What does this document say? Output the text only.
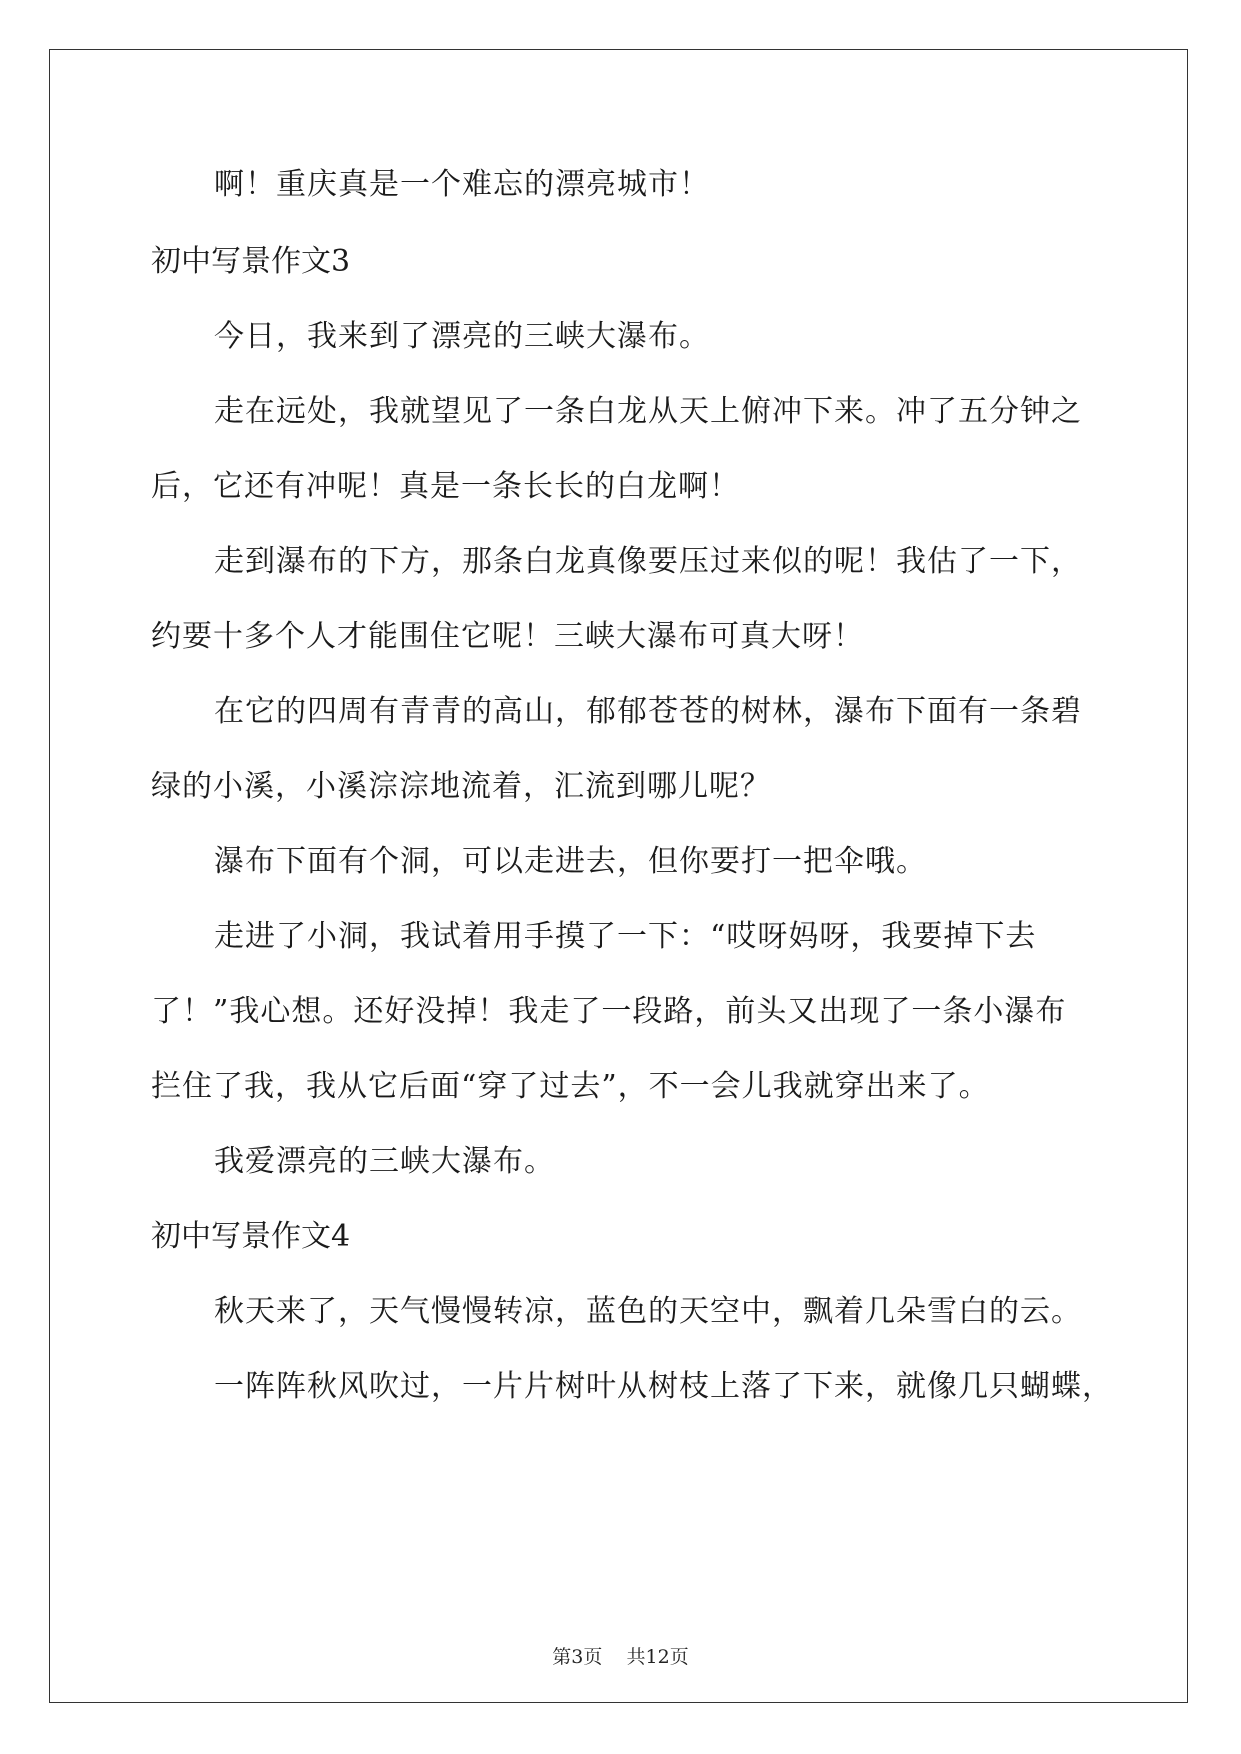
啊！重庆真是一个难忘的漂亮城市！
初中写景作文3
今日，我来到了漂亮的三峡大瀑布。
走在远处，我就望见了一条白龙从天上俯冲下来。冲了五分钟之
后，它还有冲呢！真是一条长长的白龙啊！
走到瀑布的下方，那条白龙真像要压过来似的呢！我估了一下，
约要十多个人才能围住它呢！三峡大瀑布可真大呀！
在它的四周有青青的高山，郁郁苍苍的树林，瀑布下面有一条碧
绿的小溪，小溪淙淙地流着，汇流到哪儿呢？
瀑布下面有个洞，可以走进去，但你要打一把伞哦。
走进了小洞，我试着用手摸了一下：“哎呀妈呀，我要掉下去
了！”我心想。还好没掉！我走了一段路，前头又出现了一条小瀑布
拦住了我，我从它后面“穿了过去”，不一会儿我就穿出来了。
我爱漂亮的三峡大瀑布。
初中写景作文4
秋天来了，天气慢慢转凉，蓝色的天空中，飘着几朵雪白的云。
一阵阵秋风吹过，一片片树叶从树枝上落了下来，就像几只蝴蝶，
第3页    共12页
